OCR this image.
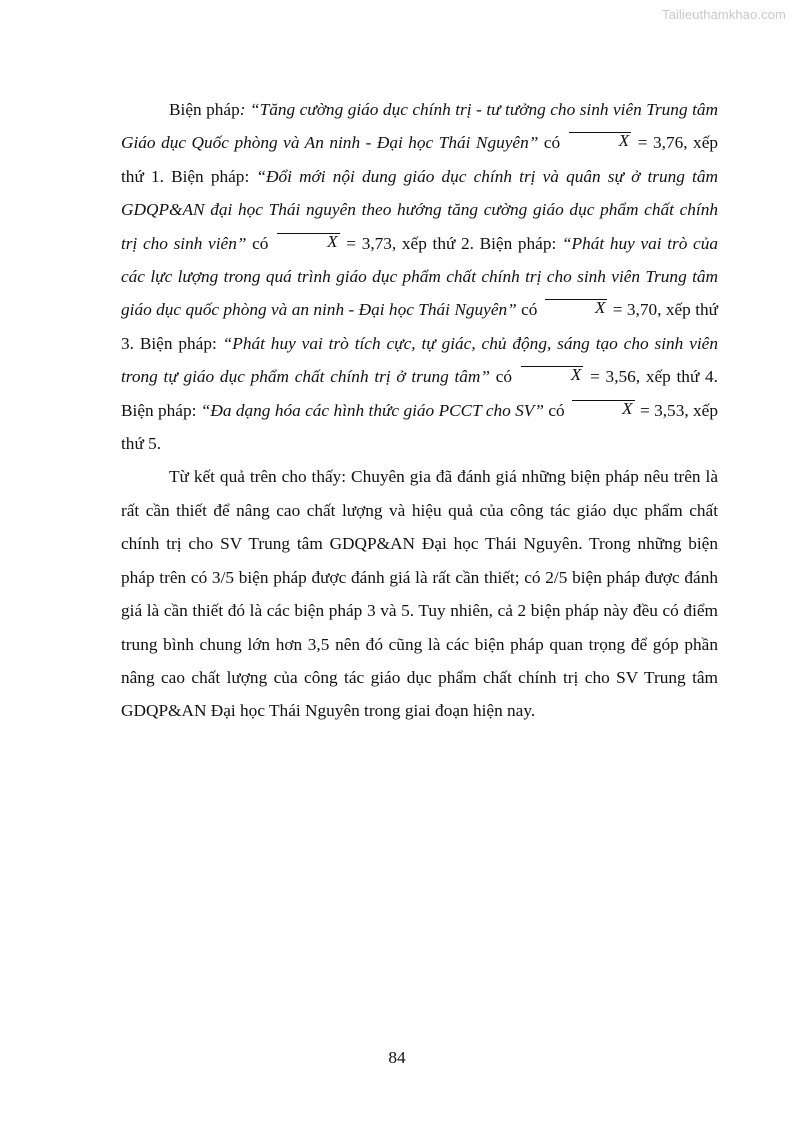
Tailieuthamkhao.com

Biện pháp: “Tăng cường giáo dục chính trị - tư tưởng cho sinh viên Trung tâm Giáo dục Quốc phòng và An ninh - Đại học Thái Nguyên” có	X = 3,76, xếp thứ 1. Biện pháp: “Đổi mới nội dung giáo dục chính trị và quân sự ở trung tâm GDQP&AN đại học Thái nguyên theo hướng tăng cường giáo dục phẩm chất chính trị cho sinh viên” có	X = 3,73, xếp thứ 2. Biện pháp: “Phát huy vai trò của các lực lượng trong quá trình giáo dục phẩm chất chính trị cho sinh viên Trung tâm giáo dục quốc phòng và an ninh - Đại học Thái Nguyên” có	X = 3,70, xếp thứ 3. Biện pháp: “Phát huy vai trò tích cực, tự giác, chủ động, sáng tạo cho sinh viên trong tự giáo dục phẩm chất chính trị ở trung tâm” có	X = 3,56, xếp thứ 4. Biện pháp: “Đa dạng hóa các hình thức giáo PCCT cho SV” có	X = 3,53, xếp thứ 5.

Từ kết quả trên cho thấy: Chuyên gia đã đánh giá những biện pháp nêu trên là rất cần thiết để nâng cao chất lượng và hiệu quả của công tác giáo dục phẩm chất chính trị cho SV Trung tâm GDQP&AN Đại học Thái Nguyên. Trong những biện pháp trên có 3/5 biện pháp được đánh giá là rất cần thiết; có 2/5 biện pháp được đánh giá là cần thiết đó là các biện pháp 3 và 5. Tuy nhiên, cả 2 biện pháp này đều có điểm trung bình chung lớn hơn 3,5 nên đó cũng là các biện pháp quan trọng để góp phần nâng cao chất lượng của công tác giáo dục phẩm chất chính trị cho SV Trung tâm GDQP&AN Đại học Thái Nguyên trong giai đoạn hiện nay.

84
